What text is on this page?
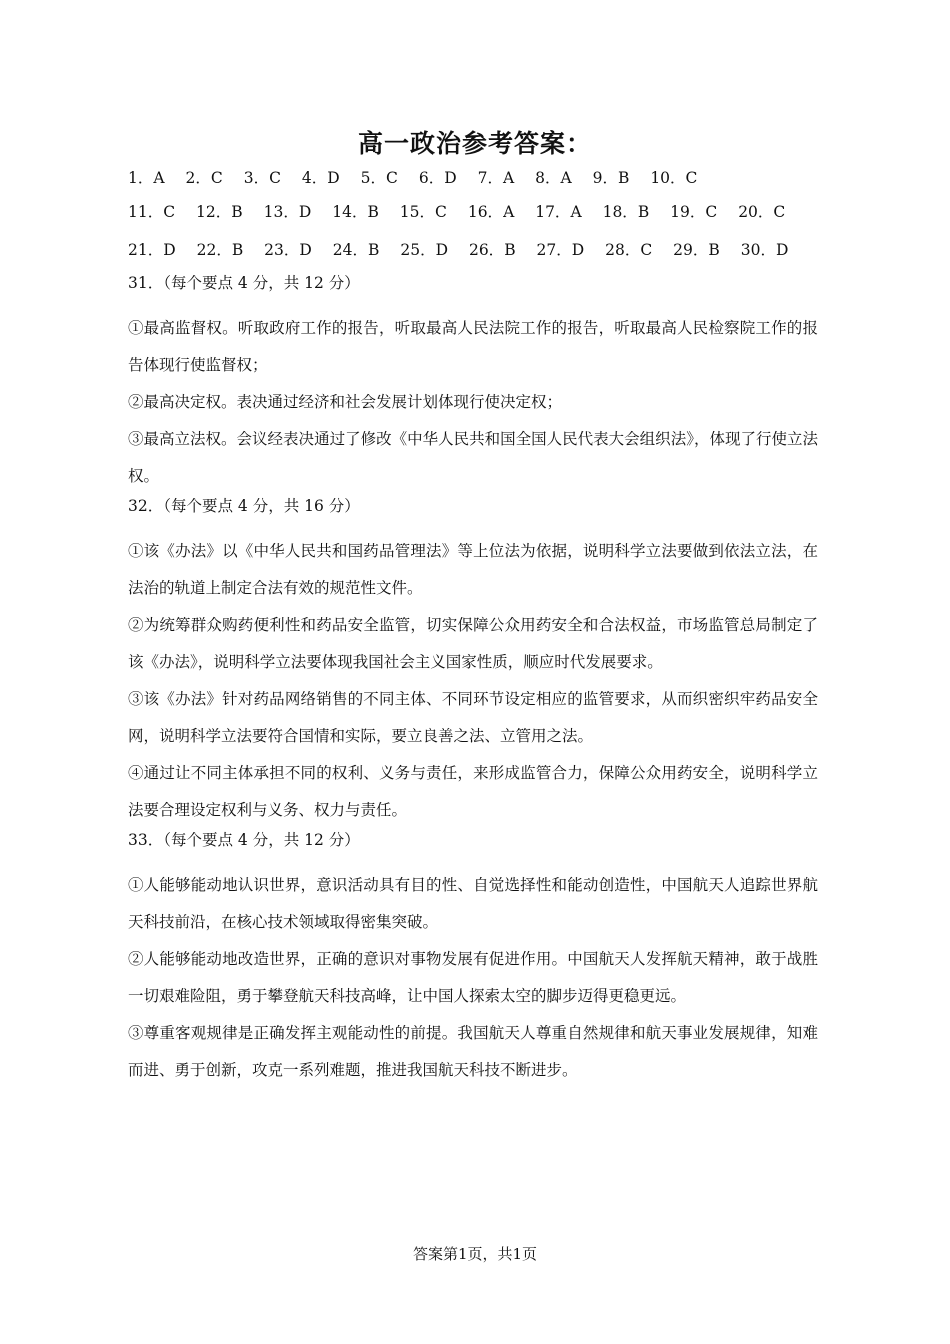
高一政治参考答案：
1．A 2．C 3．C 4．D 5．C 6．D 7．A 8．A 9．B 10．C
11．C 12．B 13．D 14．B 15．C 16．A 17．A 18．B 19．C 20．C
21．D 22．B 23．D 24．B 25．D 26．B 27．D 28．C 29．B 30．D
31．（每个要点 4 分，共 12 分）
①最高监督权。听取政府工作的报告，听取最高人民法院工作的报告，听取最高人民检察院工作的报告体现行使监督权；
②最高决定权。表决通过经济和社会发展计划体现行使决定权；
③最高立法权。会议经表决通过了修改《中华人民共和国全国人民代表大会组织法》，体现了行使立法权。
32．（每个要点 4 分，共 16 分）
①该《办法》以《中华人民共和国药品管理法》等上位法为依据，说明科学立法要做到依法立法，在法治的轨道上制定合法有效的规范性文件。
②为统筹群众购药便利性和药品安全监管，切实保障公众用药安全和合法权益，市场监管总局制定了该《办法》，说明科学立法要体现我国社会主义国家性质，顺应时代发展要求。
③该《办法》针对药品网络销售的不同主体、不同环节设定相应的监管要求，从而织密织牢药品安全网，说明科学立法要符合国情和实际，要立良善之法、立管用之法。
④通过让不同主体承担不同的权利、义务与责任，来形成监管合力，保障公众用药安全，说明科学立法要合理设定权利与义务、权力与责任。
33．（每个要点 4 分，共 12 分）
①人能够能动地认识世界，意识活动具有目的性、自觉选择性和能动创造性，中国航天人追踪世界航天科技前沿，在核心技术领域取得密集突破。
②人能够能动地改造世界，正确的意识对事物发展有促进作用。中国航天人发挥航天精神，敢于战胜一切艰难险阻，勇于攀登航天科技高峰，让中国人探索太空的脚步迈得更稳更远。
③尊重客观规律是正确发挥主观能动性的前提。我国航天人尊重自然规律和航天事业发展规律，知难而进、勇于创新，攻克一系列难题，推进我国航天科技不断进步。
答案第1页，共1页
